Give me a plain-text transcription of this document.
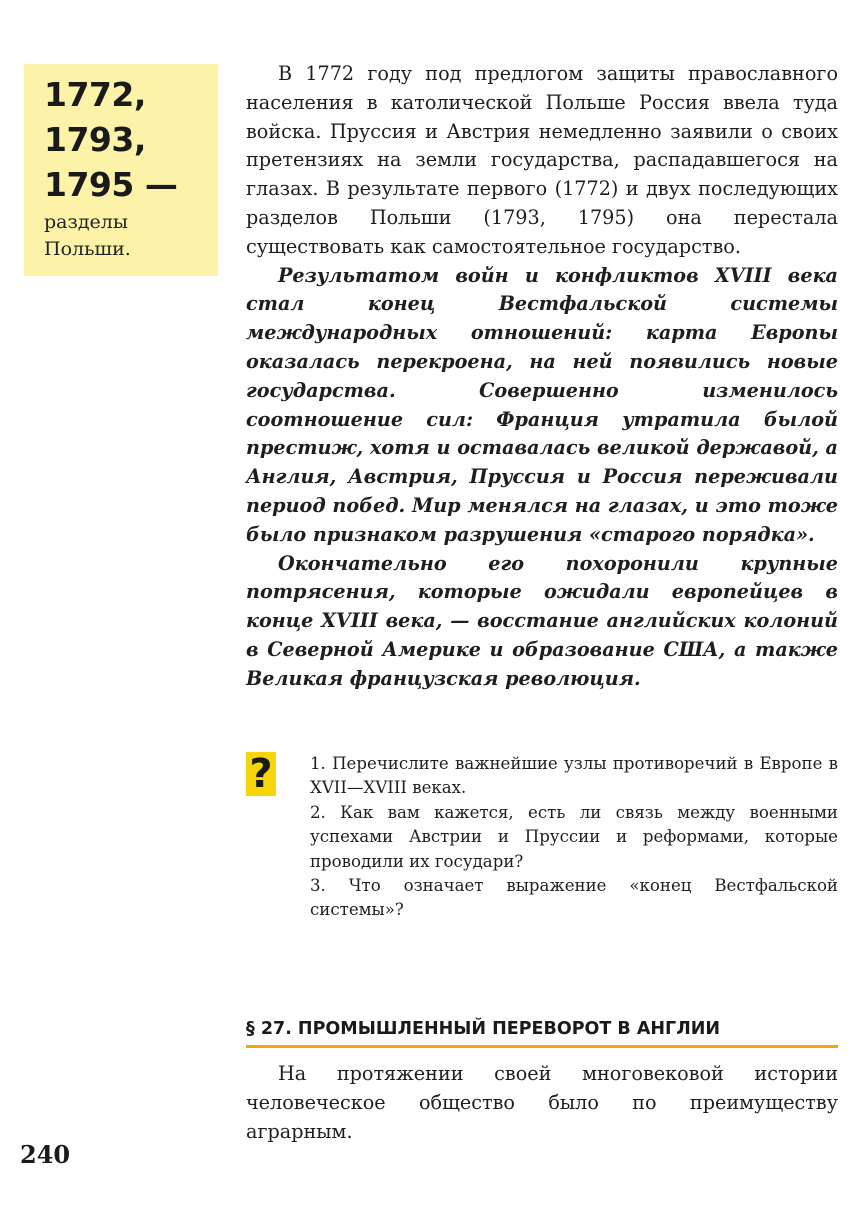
1772,
1793,
1795 —
разделы
Польши.

В 1772 году под предлогом защиты православного населения в католической Польше Россия ввела туда войска. Пруссия и Австрия немедленно заявили о своих претензиях на земли государства, распадавшегося на глазах. В результате первого (1772) и двух последующих разделов Польши (1793, 1795) она перестала существовать как самостоятельное государство.

Результатом войн и конфликтов XVIII века стал конец Вестфальской системы международных отношений: карта Европы оказалась перекроена, на ней появились новые государства. Совершенно изменилось соотношение сил: Франция утратила былой престиж, хотя и оставалась великой державой, а Англия, Австрия, Пруссия и Россия переживали период побед. Мир менялся на глазах, и это тоже было признаком разрушения «старого порядка».

Окончательно его похоронили крупные потрясения, которые ожидали европейцев в конце XVIII века, — восстание английских колоний в Северной Америке и образование США, а также Великая французская революция.

? 1. Перечислите важнейшие узлы противоречий в Европе в XVII—XVIII веках.

2. Как вам кажется, есть ли связь между военными успехами Австрии и Пруссии и реформами, которые проводили их государи?

3. Что означает выражение «конец Вестфальской системы»?

§ 27. ПРОМЫШЛЕННЫЙ ПЕРЕВОРОТ В АНГЛИИ

На протяжении своей многовековой истории человеческое общество было по преимуществу аграрным.

240
